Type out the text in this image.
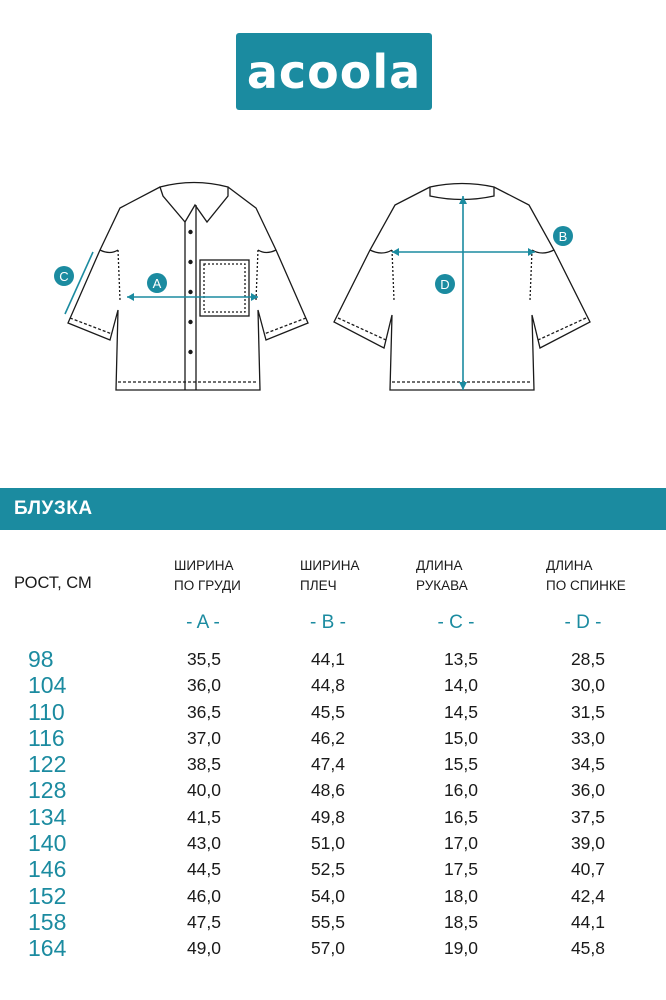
acoola
A
C
B
D
БЛУЗКА
РОСТ, СМ
ШИРИНА
ПО ГРУДИ
ШИРИНА
ПЛЕЧ
ДЛИНА
РУКАВА
ДЛИНА
ПО СПИНКЕ
- A -	- B -	- C -	- D -
98	35,5	44,1	13,5	28,5
104	36,0	44,8	14,0	30,0
110	36,5	45,5	14,5	31,5
116	37,0	46,2	15,0	33,0
122	38,5	47,4	15,5	34,5
128	40,0	48,6	16,0	36,0
134	41,5	49,8	16,5	37,5
140	43,0	51,0	17,0	39,0
146	44,5	52,5	17,5	40,7
152	46,0	54,0	18,0	42,4
158	47,5	55,5	18,5	44,1
164	49,0	57,0	19,0	45,8
